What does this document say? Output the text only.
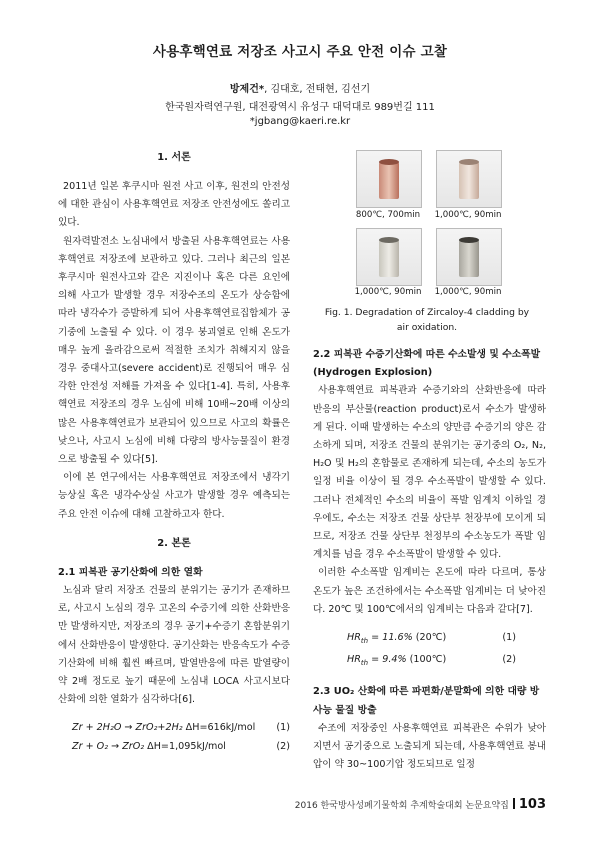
사용후핵연료 저장조 사고시 주요 안전 이슈 고찰
방제건*, 김대호, 전태현, 김선기
한국원자력연구원, 대전광역시 유성구 대덕대로 989번길 111
*jgbang@kaeri.re.kr
1. 서론

2011년 일본 후쿠시마 원전 사고 이후, 원전의 안전성에 대한 관심이 사용후핵연료 저장조 안전성에도 쏠리고 있다.

원자력발전소 노심내에서 방출된 사용후핵연료는 사용후핵연료 저장조에 보관하고 있다. 그러나 최근의 일본 후쿠시마 원전사고와 같은 지진이나 혹은 다른 요인에 의해 사고가 발생할 경우 저장수조의 온도가 상승함에 따라 냉각수가 증발하게 되어 사용후핵연료집합체가 공기중에 노출될 수 있다. 이 경우 붕괴열로 인해 온도가 매우 높게 올라감으로써 적절한 조치가 취해지지 않을 경우 중대사고(severe accident)로 진행되어 매우 심각한 안전성 저해를 가져올 수 있다[1-4]. 특히, 사용후핵연료 저장조의 경우 노심에 비해 10배~20배 이상의 많은 사용후핵연료가 보관되어 있으므로 사고의 확률은 낮으나, 사고시 노심에 비해 다량의 방사능물질이 환경으로 방출될 수 있다[5].

이에 본 연구에서는 사용후핵연료 저장조에서 냉각기능상실 혹은 냉각수상실 사고가 발생할 경우 예측되는 주요 안전 이슈에 대해 고찰하고자 한다.

2. 본론
2.1 피복관 공기산화에 의한 열화

노심과 달리 저장조 건물의 분위기는 공기가 존재하므로, 사고시 노심의 경우 고온의 수증기에 의한 산화반응만 발생하지만, 저장조의 경우 공기+수증기 혼합분위기에서 산화반응이 발생한다. 공기산화는 반응속도가 수증기산화에 비해 훨씬 빠르며, 발열반응에 따른 발열량이 약 2배 정도로 높기 때문에 노심내 LOCA 사고시보다 산화에 의한 열화가 심각하다[6].

Zr + 2H₂O → ZrO₂+2H₂ ΔH=616kJ/mol (1)
Zr + O₂ → ZrO₂ ΔH=1,095kJ/mol	(2)
800℃, 700min	1,000℃, 90min
1,000℃, 90min	1,000℃, 90min
Fig. 1. Degradation of Zircaloy-4 cladding by air oxidation.
2.2 피복관 수증기산화에 따른 수소발생 및 수소폭발(Hydrogen Explosion)

사용후핵연료 피복관과 수증기와의 산화반응에 따라 반응의 부산물(reaction product)로서 수소가 발생하게 된다. 이때 발생하는 수소의 양만큼 수증기의 양은 감소하게 되며, 저장조 건물의 분위기는 공기중의 O₂, N₂, H₂O 및 H₂의 혼합물로 존재하게 되는데, 수소의 농도가 일정 비율 이상이 될 경우 수소폭발이 발생할 수 있다. 그러나 전체적인 수소의 비율이 폭발 임계치 이하일 경우에도, 수소는 저장조 건물 상단부 천장부에 모이게 되므로, 저장조 건물 상단부 천정부의 수소농도가 폭발 임계치를 넘을 경우 수소폭발이 발생할 수 있다.

이러한 수소폭발 임계비는 온도에 따라 다르며, 통상 온도가 높은 조건하에서는 수소폭발 임계비는 더 낮아진다. 20℃ 및 100℃에서의 임계비는 다음과 같다[7].

$HR_{th} = 11.6\%$ (20℃)	(1)
$HR_{th} = 9.4\%$ (100℃)	(2)
2.3 UO₂ 산화에 따른 파편화/분말화에 의한 대량 방사능 물질 방출

수조에 저장중인 사용후핵연료 피복관은 수위가 낮아지면서 공기중으로 노출되게 되는데, 사용후핵연료 봉내압이 약 30~100기압 정도되므로 일정

2016 한국방사성폐기물학회 추계학술대회 논문요약집 103
